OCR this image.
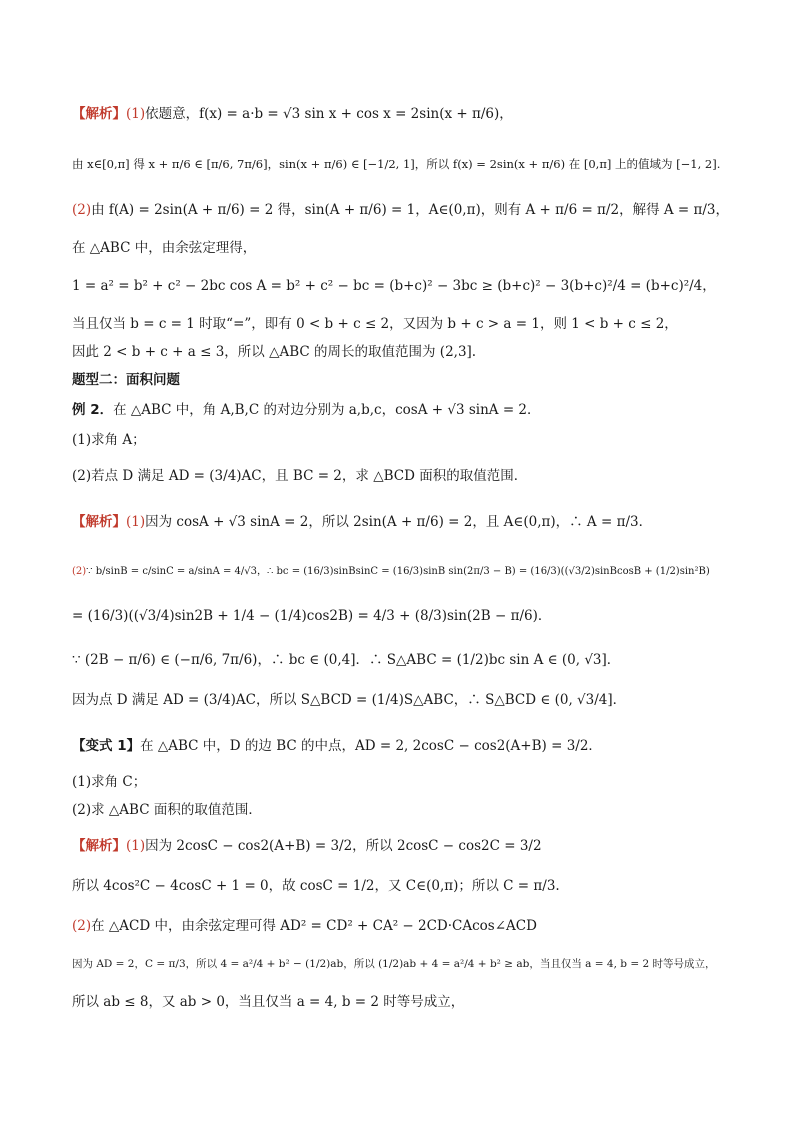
【解析】(1)依题意，f(x) = a·b = √3 sin x + cos x = 2sin(x + π/6)，
由 x∈[0,π] 得 x + π/6 ∈ [π/6, 7π/6]，sin(x + π/6) ∈ [−1/2, 1]，所以 f(x) = 2sin(x + π/6) 在 [0,π] 上的值域为 [−1, 2].
(2)由 f(A) = 2sin(A + π/6) = 2 得，sin(A + π/6) = 1，A∈(0,π)，则有 A + π/6 = π/2，解得 A = π/3，
在 △ABC 中，由余弦定理得，
1 = a² = b² + c² − 2bc cos A = b² + c² − bc = (b+c)² − 3bc ≥ (b+c)² − 3(b+c)²/4 = (b+c)²/4，
当且仅当 b = c = 1 时取“=”，即有 0 < b + c ≤ 2，又因为 b + c > a = 1，则 1 < b + c ≤ 2，
因此 2 < b + c + a ≤ 3，所以 △ABC 的周长的取值范围为 (2,3].
题型二：面积问题
例 2．在 △ABC 中，角 A,B,C 的对边分别为 a,b,c，cosA + √3 sinA = 2．
(1)求角 A；
(2)若点 D 满足 AD = (3/4)AC，且 BC = 2，求 △BCD 面积的取值范围．
【解析】(1)因为 cosA + √3 sinA = 2，所以 2sin(A + π/6) = 2，且 A∈(0,π)，∴ A = π/3．
(2)∵ b/sinB = c/sinC = a/sinA = 4/√3，∴ bc = (16/3)sinBsinC = (16/3)sinB sin(2π/3 − B) = (16/3)((√3/2)sinBcosB + (1/2)sin²B)
= (16/3)((√3/4)sin2B + 1/4 − (1/4)cos2B) = 4/3 + (8/3)sin(2B − π/6)．
∵ (2B − π/6) ∈ (−π/6, 7π/6)，∴ bc ∈ (0,4]．∴ S△ABC = (1/2)bc sin A ∈ (0, √3]．
因为点 D 满足 AD = (3/4)AC，所以 S△BCD = (1/4)S△ABC，∴ S△BCD ∈ (0, √3/4]．
【变式 1】在 △ABC 中，D 的边 BC 的中点，AD = 2, 2cosC − cos2(A+B) = 3/2．
(1)求角 C；
(2)求 △ABC 面积的取值范围．
【解析】(1)因为 2cosC − cos2(A+B) = 3/2，所以 2cosC − cos2C = 3/2
所以 4cos²C − 4cosC + 1 = 0，故 cosC = 1/2，又 C∈(0,π)；所以 C = π/3.
(2)在 △ACD 中，由余弦定理可得 AD² = CD² + CA² − 2CD·CAcos∠ACD
因为 AD = 2，C = π/3，所以 4 = a²/4 + b² − (1/2)ab，所以 (1/2)ab + 4 = a²/4 + b² ≥ ab，当且仅当 a = 4, b = 2 时等号成立，
所以 ab ≤ 8，又 ab > 0，当且仅当 a = 4, b = 2 时等号成立，
